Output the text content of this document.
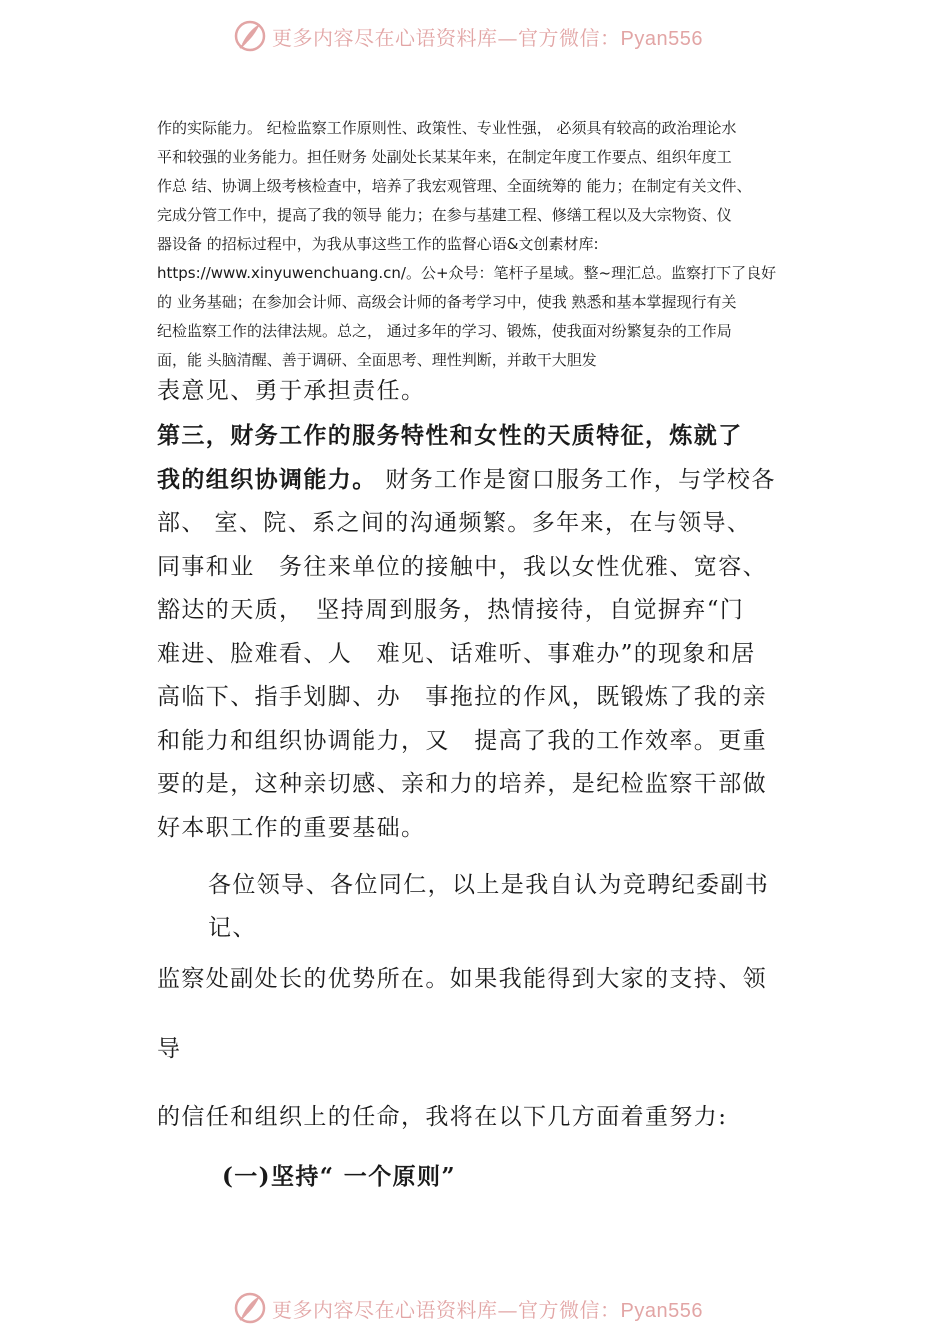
更多内容尽在心语资料库—官方微信：Pyan556

作的实际能力。 纪检监察工作原则性、政策性、专业性强， 必须具有较高的政治理论水

平和较强的业务能力。担任财务 处副处长某某年来，在制定年度工作要点、组织年度工

作总 结、协调上级考核检查中，培养了我宏观管理、全面统筹的 能力；在制定有关文件、

完成分管工作中，提高了我的领导 能力；在参与基建工程、修缮工程以及大宗物资、仪

器设备 的招标过程中，为我从事这些工作的监督心语&文创素材库:

https://www.xinyuwenchuang.cn/。公+众号：笔杆子星域。整~理汇总。监察打下了良好

的 业务基础；在参加会计师、高级会计师的备考学习中，使我 熟悉和基本掌握现行有关

纪检监察工作的法律法规。总之， 通过多年的学习、锻炼，使我面对纷繁复杂的工作局

面，能 头脑清醒、善于调研、全面思考、理性判断，并敢干大胆发

表意见、勇于承担责任。

第三，财务工作的服务特性和女性的天质特征，炼就了

我的组织协调能力。 财务工作是窗口服务工作，与学校各

部、 室、院、系之间的沟通频繁。多年来，在与领导、

同事和业　务往来单位的接触中，我以女性优雅、宽容、

豁达的天质，　坚持周到服务，热情接待，自觉摒弃“门

难进、脸难看、人　难见、话难听、事难办”的现象和居

高临下、指手划脚、办　事拖拉的作风，既锻炼了我的亲

和能力和组织协调能力，又　提高了我的工作效率。更重

要的是，这种亲切感、亲和力的培养，是纪检监察干部做

好本职工作的重要基础。

各位领导、各位同仁，以上是我自认为竞聘纪委副书

记、

监察处副处长的优势所在。如果我能得到大家的支持、领
导
的信任和组织上的任命，我将在以下几方面着重努力:
(一)坚持“ 一个原则”
更多内容尽在心语资料库—官方微信：Pyan556
